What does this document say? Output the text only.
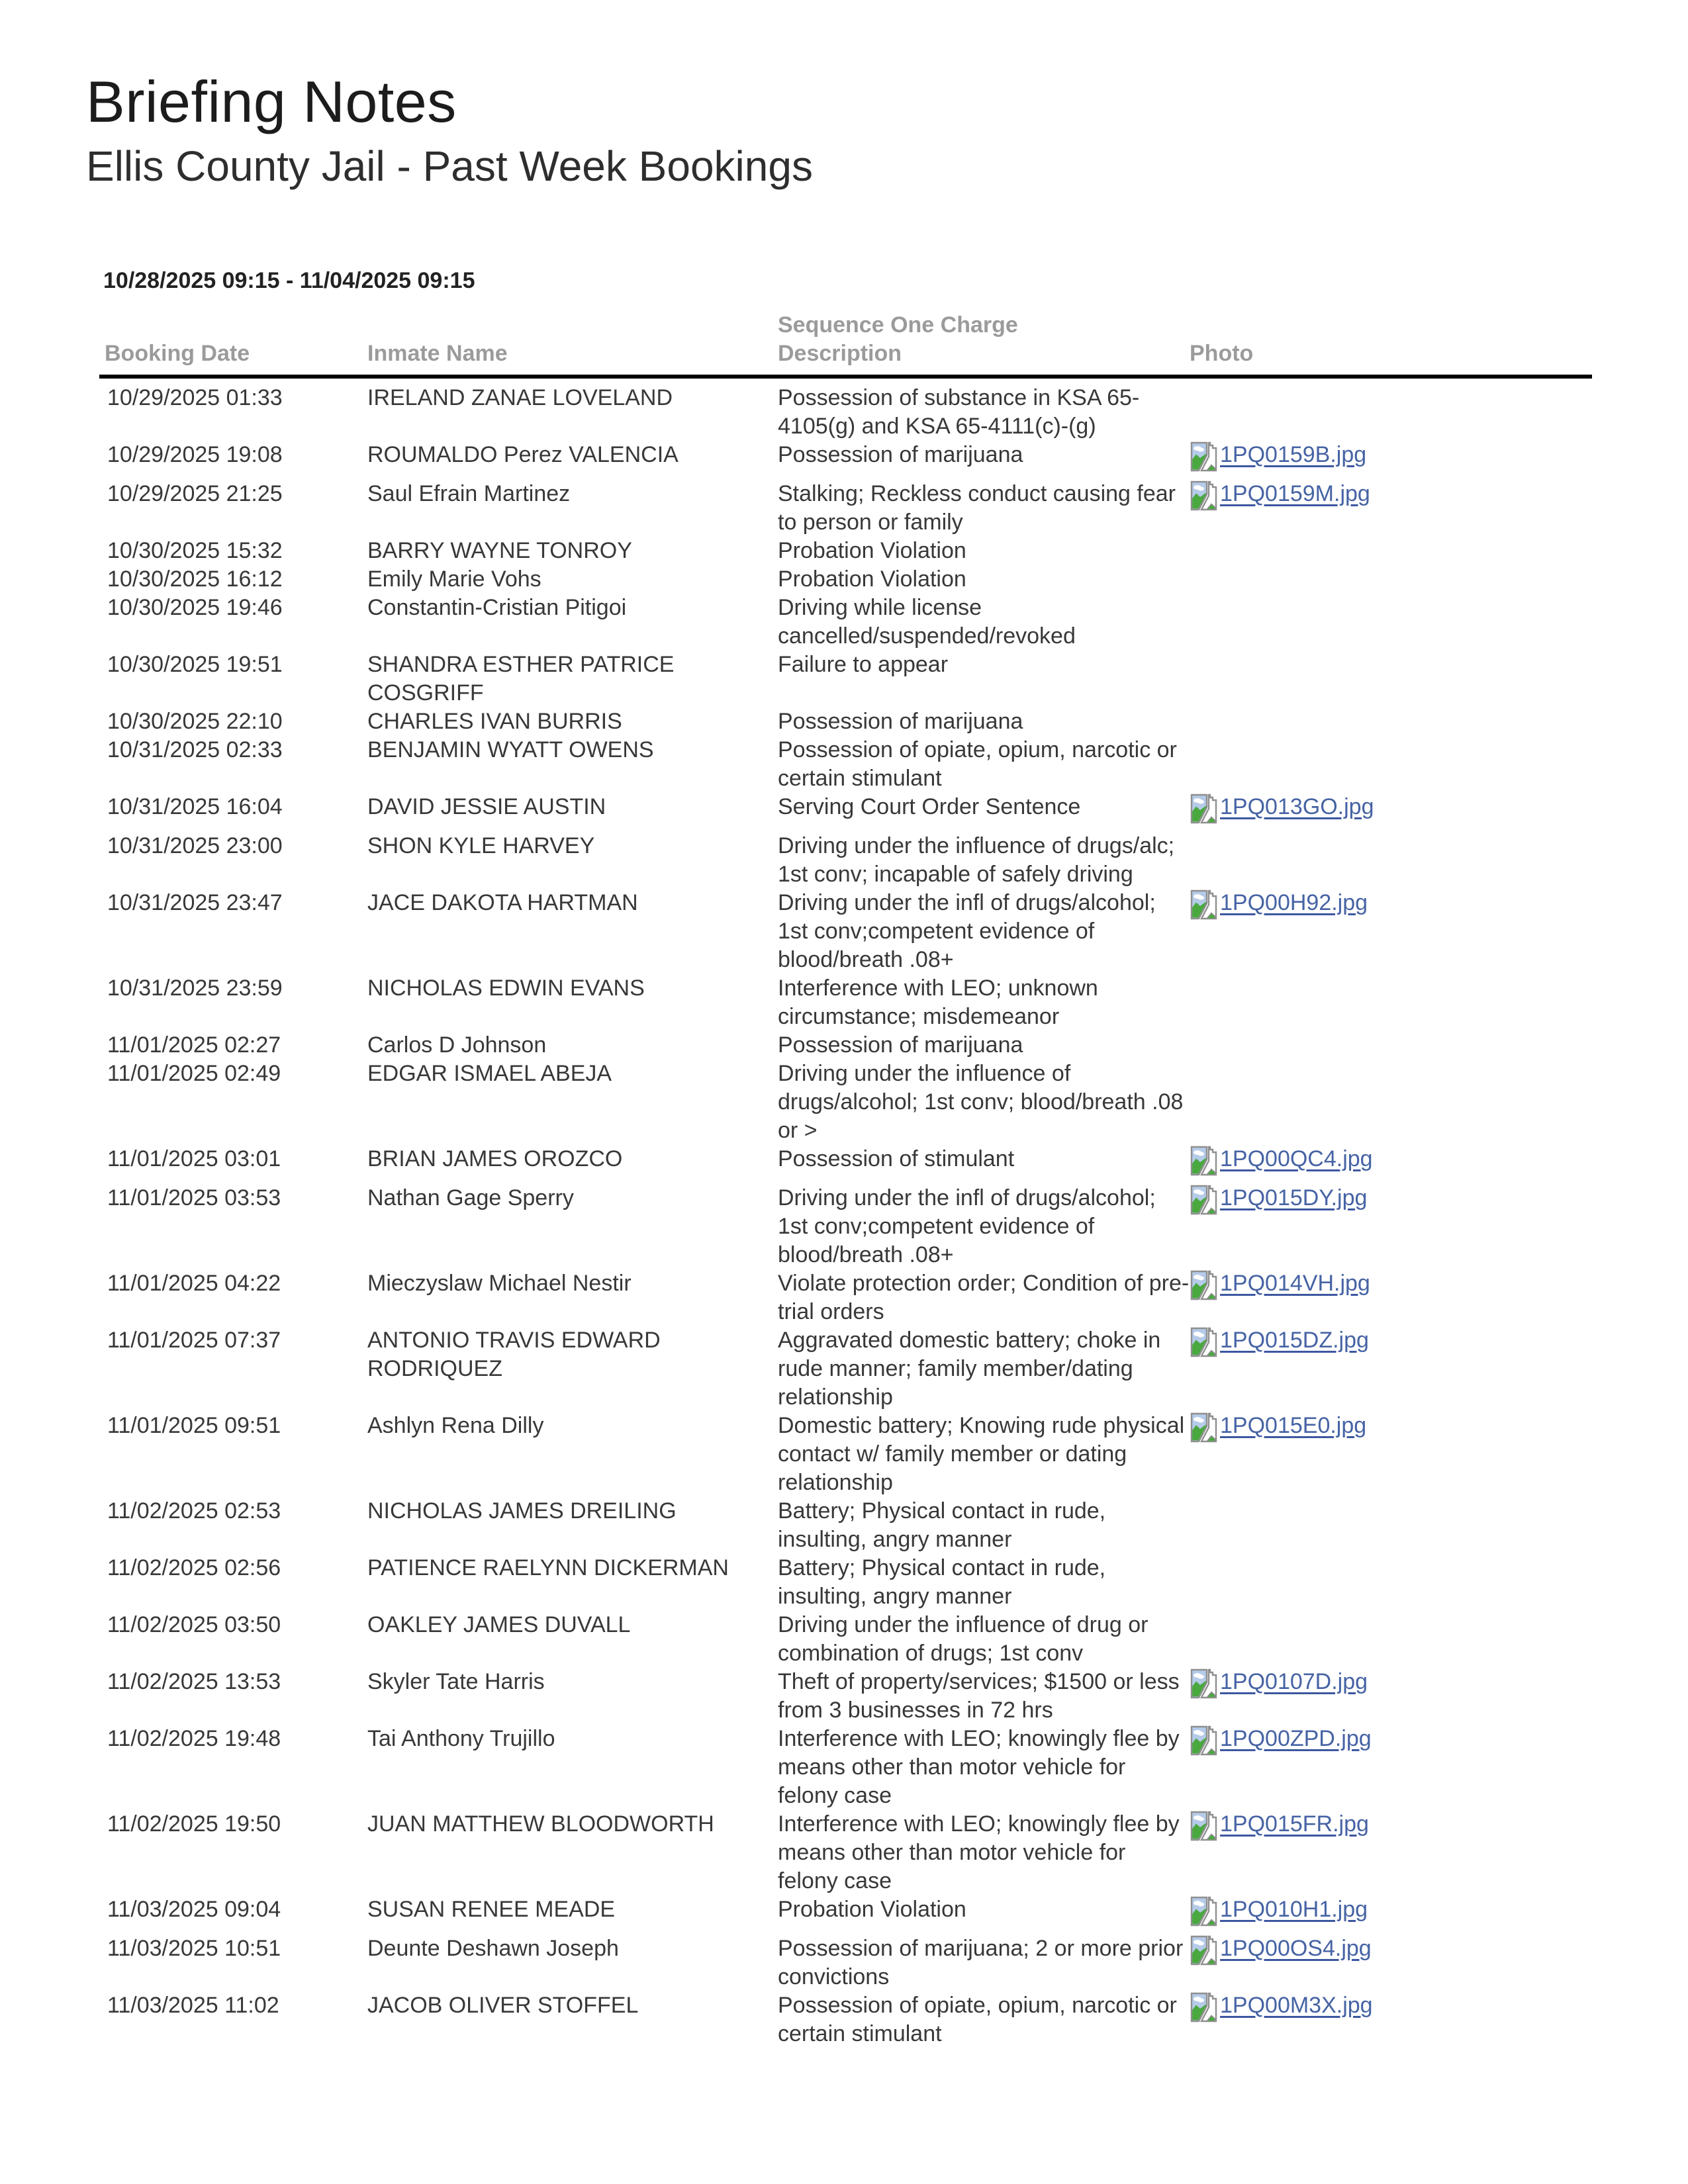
Briefing Notes
Ellis County Jail - Past Week Bookings
10/28/2025 09:15 - 11/04/2025 09:15
Booking Date	Inmate Name	Sequence One Charge Description	Photo
10/29/2025 01:33	IRELAND ZANAE LOVELAND	Possession of substance in KSA 65-4105(g) and KSA 65-4111(c)-(g)	

10/29/2025 19:08	ROUMALDO Perez VALENCIA	Possession of marijuana	1PQ0159B.jpg

10/29/2025 21:25	Saul Efrain Martinez	Stalking; Reckless conduct causing fear to person or family	1PQ0159M.jpg

10/30/2025 15:32	BARRY WAYNE TONROY	Probation Violation	

10/30/2025 16:12	Emily Marie Vohs	Probation Violation	

10/30/2025 19:46	Constantin-Cristian Pitigoi	Driving while license cancelled/suspended/revoked	

10/30/2025 19:51	SHANDRA ESTHER PATRICE COSGRIFF	Failure to appear	

10/30/2025 22:10	CHARLES IVAN BURRIS	Possession of marijuana	

10/31/2025 02:33	BENJAMIN WYATT OWENS	Possession of opiate, opium, narcotic or certain stimulant	

10/31/2025 16:04	DAVID JESSIE AUSTIN	Serving Court Order Sentence	1PQ013GO.jpg

10/31/2025 23:00	SHON KYLE HARVEY	Driving under the influence of drugs/alc; 1st conv; incapable of safely driving	

10/31/2025 23:47	JACE DAKOTA HARTMAN	Driving under the infl of drugs/alcohol; 1st conv;competent evidence of blood/breath .08+	1PQ00H92.jpg

10/31/2025 23:59	NICHOLAS EDWIN EVANS	Interference with LEO; unknown circumstance; misdemeanor	

11/01/2025 02:27	Carlos D Johnson	Possession of marijuana	

11/01/2025 02:49	EDGAR ISMAEL ABEJA	Driving under the influence of drugs/alcohol; 1st conv; blood/breath .08 or >	

11/01/2025 03:01	BRIAN JAMES OROZCO	Possession of stimulant	1PQ00QC4.jpg

11/01/2025 03:53	Nathan Gage Sperry	Driving under the infl of drugs/alcohol; 1st conv;competent evidence of blood/breath .08+	1PQ015DY.jpg

11/01/2025 04:22	Mieczyslaw Michael Nestir	Violate protection order; Condition of pre-trial orders	1PQ014VH.jpg

11/01/2025 07:37	ANTONIO TRAVIS EDWARD RODRIQUEZ	Aggravated domestic battery; choke in rude manner; family member/dating relationship	1PQ015DZ.jpg

11/01/2025 09:51	Ashlyn Rena Dilly	Domestic battery; Knowing rude physical contact w/ family member or dating relationship	1PQ015E0.jpg

11/02/2025 02:53	NICHOLAS JAMES DREILING	Battery; Physical contact in rude, insulting, angry manner	

11/02/2025 02:56	PATIENCE RAELYNN DICKERMAN	Battery; Physical contact in rude, insulting, angry manner	

11/02/2025 03:50	OAKLEY JAMES DUVALL	Driving under the influence of drug or combination of drugs; 1st conv	

11/02/2025 13:53	Skyler Tate Harris	Theft of property/services; $1500 or less from 3 businesses in 72 hrs	1PQ0107D.jpg

11/02/2025 19:48	Tai Anthony Trujillo	Interference with LEO; knowingly flee by means other than motor vehicle for felony case	1PQ00ZPD.jpg

11/02/2025 19:50	JUAN MATTHEW BLOODWORTH	Interference with LEO; knowingly flee by means other than motor vehicle for felony case	1PQ015FR.jpg

11/03/2025 09:04	SUSAN RENEE MEADE	Probation Violation	1PQ010H1.jpg

11/03/2025 10:51	Deunte Deshawn Joseph	Possession of marijuana; 2 or more prior convictions	1PQ00OS4.jpg

11/03/2025 11:02	JACOB OLIVER STOFFEL	Possession of opiate, opium, narcotic or certain stimulant	1PQ00M3X.jpg
